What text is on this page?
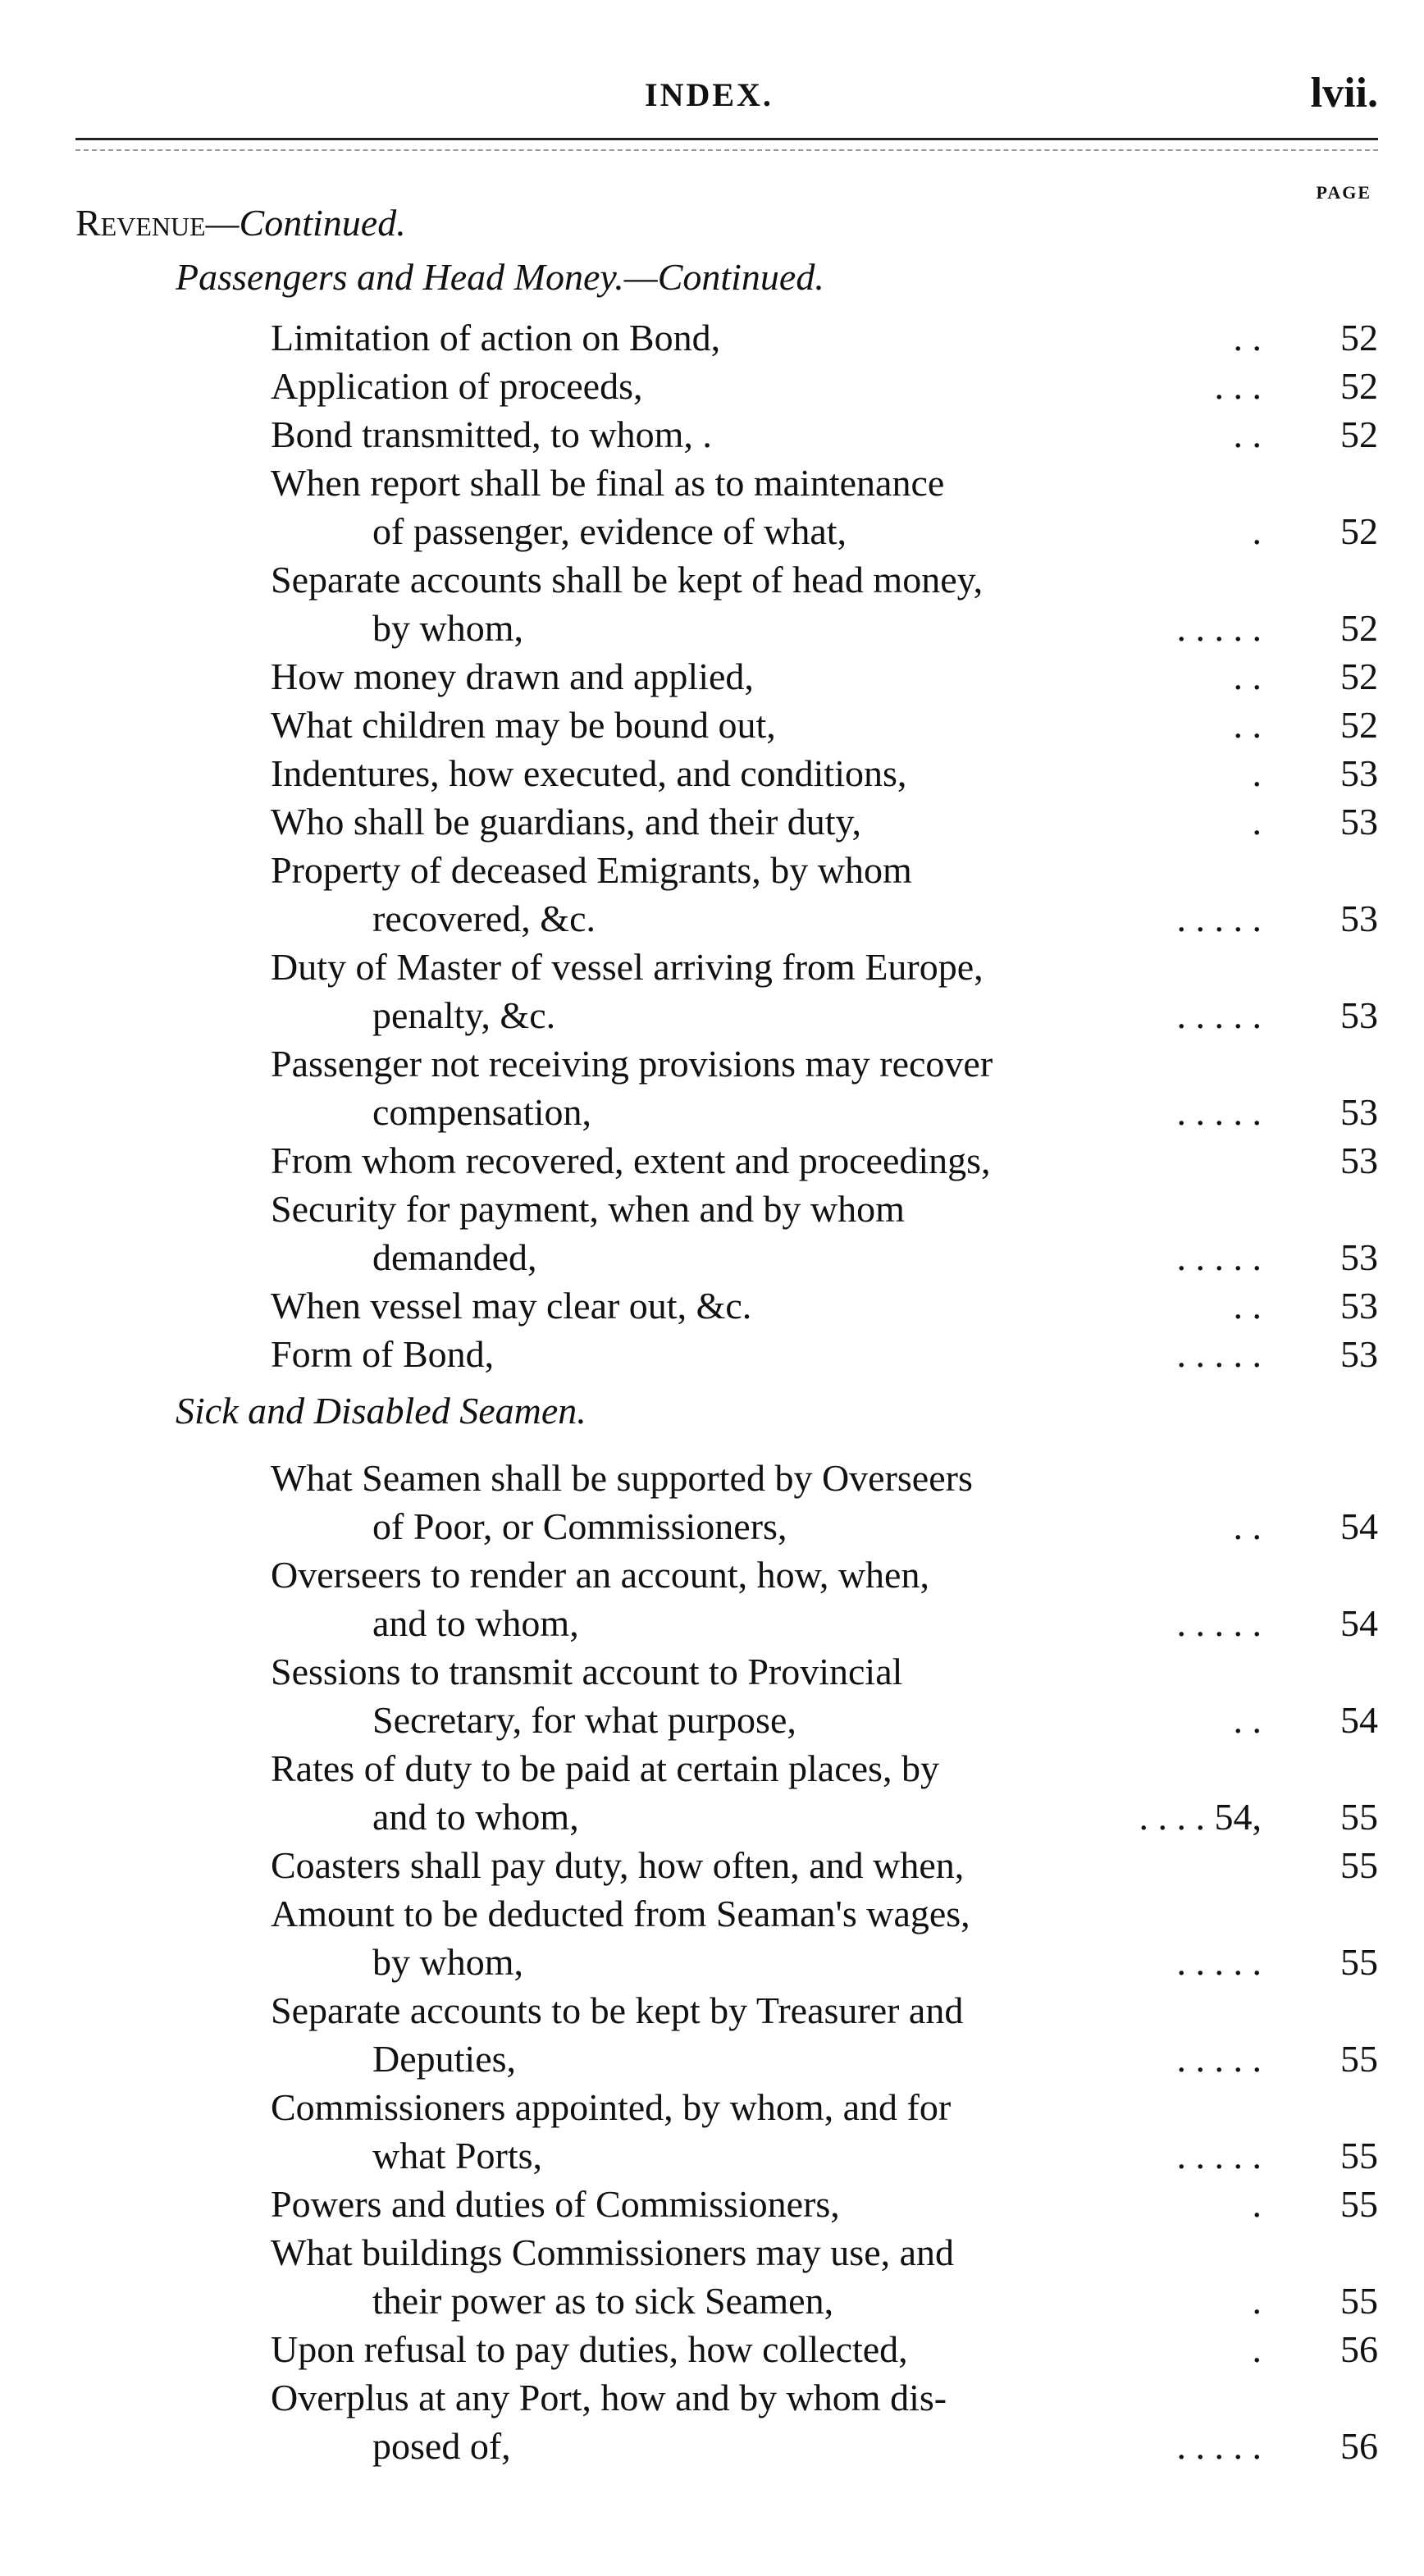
INDEX.	lvii.
PAGE
Revenue—Continued.
Passengers and Head Money.—Continued.
Limitation of action on Bond,	. .	52
Application of proceeds,	. . .	52
Bond transmitted, to whom, .	. .	52
When report shall be final as to maintenance
of passenger, evidence of what,	.	52
Separate accounts shall be kept of head money,
by whom,	. . . . .	52
How money drawn and applied,	. .	52
What children may be bound out,	. .	52
Indentures, how executed, and conditions,	.	53
Who shall be guardians, and their duty,	.	53
Property of deceased Emigrants, by whom
recovered, &c.	. . . . .	53
Duty of Master of vessel arriving from Europe,
penalty, &c.	. . . . .	53
Passenger not receiving provisions may recover
compensation,	. . . . .	53
From whom recovered, extent and proceedings,	53
Security for payment, when and by whom
demanded,	. . . . .	53
When vessel may clear out, &c.	. .	53
Form of Bond,	. . . . .	53
Sick and Disabled Seamen.
What Seamen shall be supported by Overseers
of Poor, or Commissioners,	. .	54
Overseers to render an account, how, when,
and to whom,	. . . . .	54
Sessions to transmit account to Provincial
Secretary, for what purpose,	. .	54
Rates of duty to be paid at certain places, by
and to whom,	. . . . 54,	55
Coasters shall pay duty, how often, and when,	55
Amount to be deducted from Seaman's wages,
by whom,	. . . . .	55
Separate accounts to be kept by Treasurer and
Deputies,	. . . . .	55
Commissioners appointed, by whom, and for
what Ports,	. . . . .	55
Powers and duties of Commissioners,	.	55
What buildings Commissioners may use, and
their power as to sick Seamen,	.	55
Upon refusal to pay duties, how collected,	.	56
Overplus at any Port, how and by whom dis-
posed of,	. . . . .	56
